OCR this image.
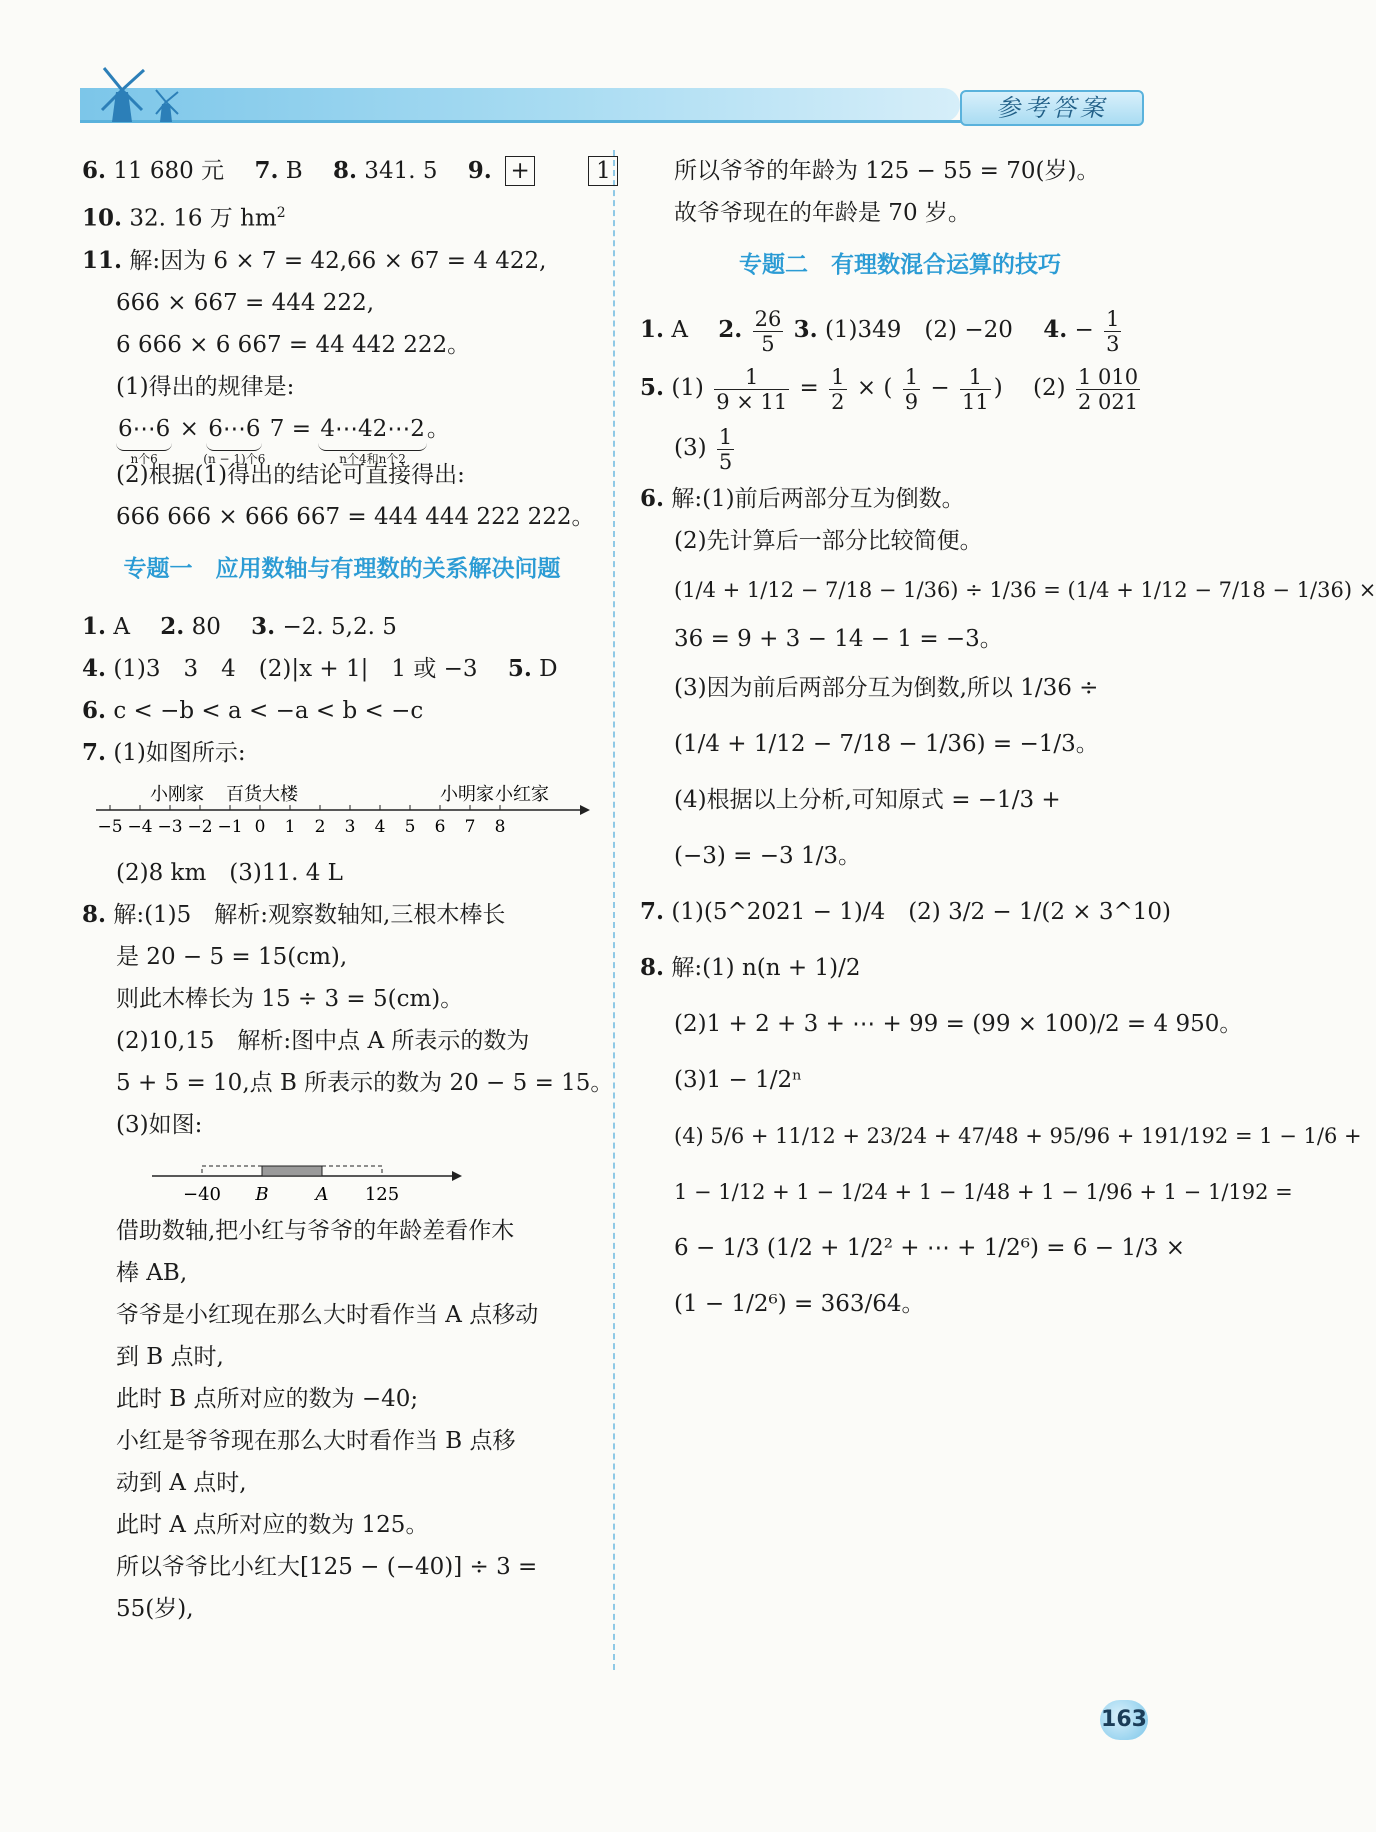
参考答案
6. 11 680 元 　 7. B 　 8. 341. 5 　 9. +	1
10. 32. 16 万 $hm^2$
11. 解:因为 6 × 7 = 42,66 × 67 = 4 422,
666 × 667 = 444 222,
6 666 × 6 667 = 44 442 222。
(1)得出的规律是:
6⋯6
n个6
× 6⋯6
(n − 1)个6
7 = 4⋯42⋯2
n个4和n个2
。
(2)根据(1)得出的结论可直接得出:
666 666 × 666 667 = 444 444 222 222。
专题一　应用数轴与有理数的关系解决问题
1. A 　 2. 80 　 3. −2. 5,2. 5
4. (1)3　3　4　(2)|x + 1|　1 或 −3 　 5. D
6. c < −b < a < −a < b < −c
7. (1)如图所示:
−5 −4 −3 −2 −1 0 1 2 3 4 5 6 7 8
小刚家 百货大楼	小明家 小红家
(2)8 km　(3)11. 4 L
8. 解:(1)5　解析:观察数轴知,三根木棒长
是 20 − 5 = 15(cm),
则此木棒长为 15 ÷ 3 = 5(cm)。
(2)10,15　解析:图中点 A 所表示的数为
5 + 5 = 10,点 B 所表示的数为 20 − 5 = 15。
(3)如图:
−40 B	A 125
借助数轴,把小红与爷爷的年龄差看作木
棒 AB,
爷爷是小红现在那么大时看作当 A 点移动
到 B 点时,
此时 B 点所对应的数为 −40;
小红是爷爷现在那么大时看作当 B 点移
动到 A 点时,
此时 A 点所对应的数为 125。
所以爷爷比小红大[125 − (−40)] ÷ 3 =
55(岁),
所以爷爷的年龄为 125 − 55 = 70(岁)。
故爷爷现在的年龄是 70 岁。
专题二　有理数混合运算的技巧
1. A 　 2. $\frac{26}{5} 3$. (1)349　(2) −20 　 4. − $\frac{1}{3}$
5. $(1) \frac{1}{9 \times 11} = \frac{1}{2}$ × ( $\frac{1}{9} - \frac{1}{11}$ ) 　$(2) \frac{1 010}{2 021}$
$(3) \frac{1}{5}$
6. 解:(1)前后两部分互为倒数。
(2)先计算后一部分比较简便。
(1/4 + 1/12 − 7/18 − 1/36) ÷ 1/36 = (1/4 + 1/12 − 7/18 − 1/36) ×
36 = 9 + 3 − 14 − 1 = −3。
(3)因为前后两部分互为倒数,所以 1/36 ÷
(1/4 + 1/12 − 7/18 − 1/36) = −1/3。
(4)根据以上分析,可知原式 = −1/3 +
(−3) = −3 1/3。
7. (1)(5^2021 − 1)/4　(2) 3/2 − 1/(2 × 3^10)
8. 解:(1) n(n + 1)/2
(2)1 + 2 + 3 + ⋯ + 99 = (99 × 100)/2 = 4 950。
(3)1 − 1/2ⁿ
(4) 5/6 + 11/12 + 23/24 + 47/48 + 95/96 + 191/192 = 1 − 1/6 +
1 − 1/12 + 1 − 1/24 + 1 − 1/48 + 1 − 1/96 + 1 − 1/192 =
6 − 1/3 (1/2 + 1/2² + ⋯ + 1/2⁶) = 6 − 1/3 ×
(1 − 1/2⁶) = 363/64。
163
